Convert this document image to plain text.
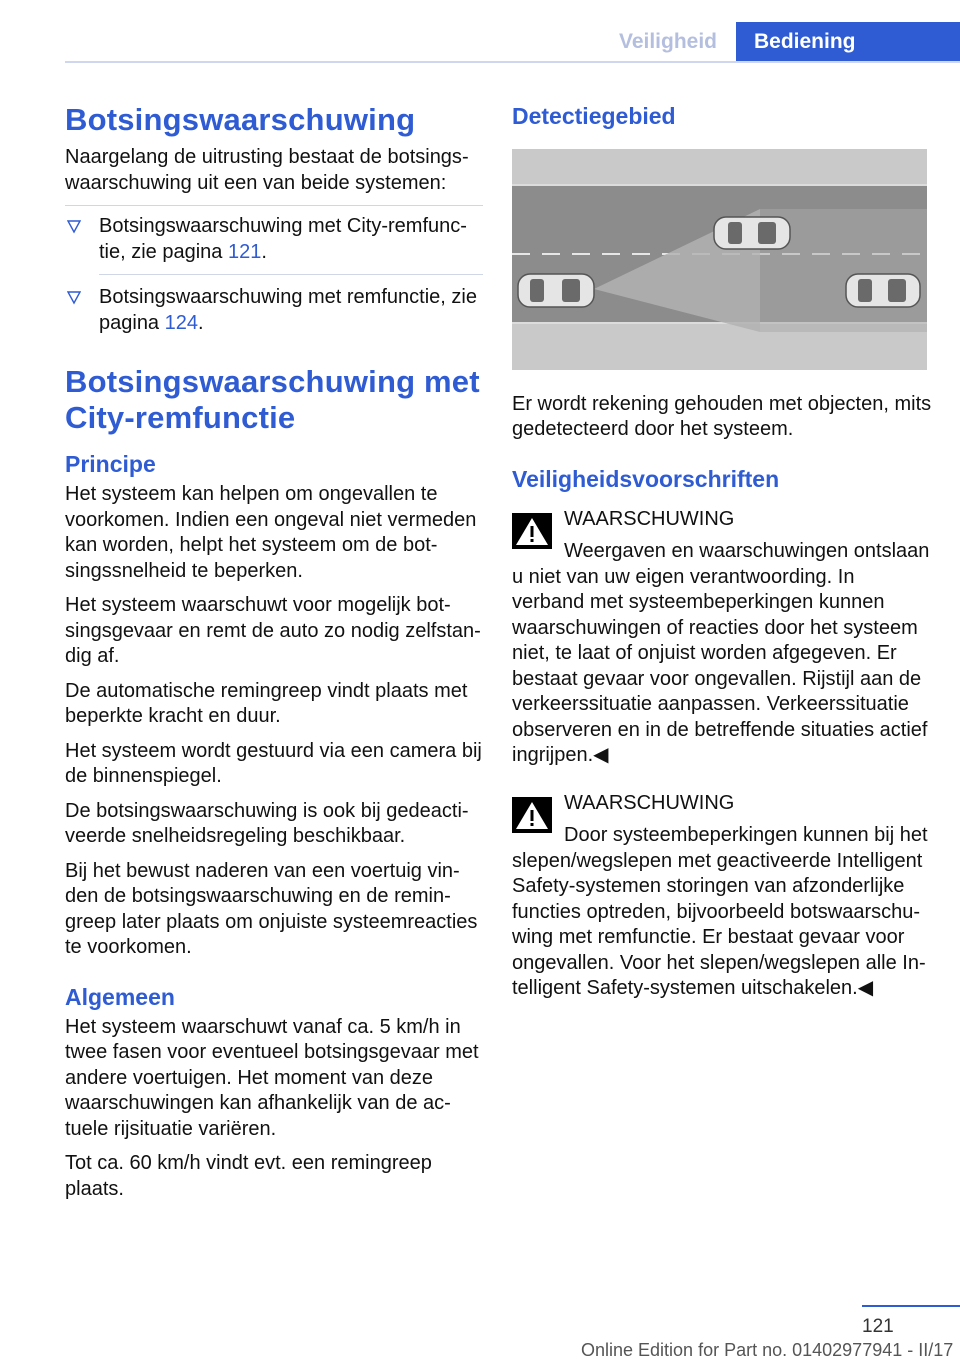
Veiligheid	Bediening
Botsingswaarschuwing

Naargelang de uitrusting bestaat de botsingswaarschuwing uit een van beide systemen:

Botsingswaarschuwing met City-remfunctie, zie pagina 121.
Botsingswaarschuwing met remfunctie, zie pagina 124.
Botsingswaarschuwing met City-remfunctie
Principe

Het systeem kan helpen om ongevallen te voorkomen. Indien een ongeval niet vermeden kan worden, helpt het systeem om de botsingssnelheid te beperken.

Het systeem waarschuwt voor mogelijk botsingsgevaar en remt de auto zo nodig zelfstandig af.

De automatische remingreep vindt plaats met beperkte kracht en duur.

Het systeem wordt gestuurd via een camera bij de binnenspiegel.

De botsingswaarschuwing is ook bij gedeactiveerde snelheidsregeling beschikbaar.

Bij het bewust naderen van een voertuig vinden de botsingswaarschuwing en de remingreep later plaats om onjuiste systeemreacties te voorkomen.

Algemeen

Het systeem waarschuwt vanaf ca. 5 km/h in twee fasen voor eventueel botsingsgevaar met andere voertuigen. Het moment van deze waarschuwingen kan afhankelijk van de actuele rijsituatie variëren.

Tot ca. 60 km/h vindt evt. een remingreep plaats.

Detectiegebied

Er wordt rekening gehouden met objecten, mits gedetecteerd door het systeem.

Veiligheidsvoorschriften
WAARSCHUWING
Weergaven en waarschuwingen ontslaan
u niet van uw eigen verantwoording. In verband met systeembeperkingen kunnen waarschuwingen of reacties door het systeem niet, te laat of onjuist worden afgegeven. Er bestaat gevaar voor ongevallen. Rijstijl aan de verkeerssituatie aanpassen. Verkeerssituatie observeren en in de betreffende situaties actief ingrijpen.◀
WAARSCHUWING
Door systeembeperkingen kunnen bij het
slepen/wegslepen met geactiveerde Intelligent Safety-systemen storingen van afzonderlijke functies optreden, bijvoorbeeld botswaarschuwing met remfunctie. Er bestaat gevaar voor ongevallen. Voor het slepen/wegslepen alle Intelligent Safety-systemen uitschakelen.◀
121
Online Edition for Part no. 01402977941 - II/17
